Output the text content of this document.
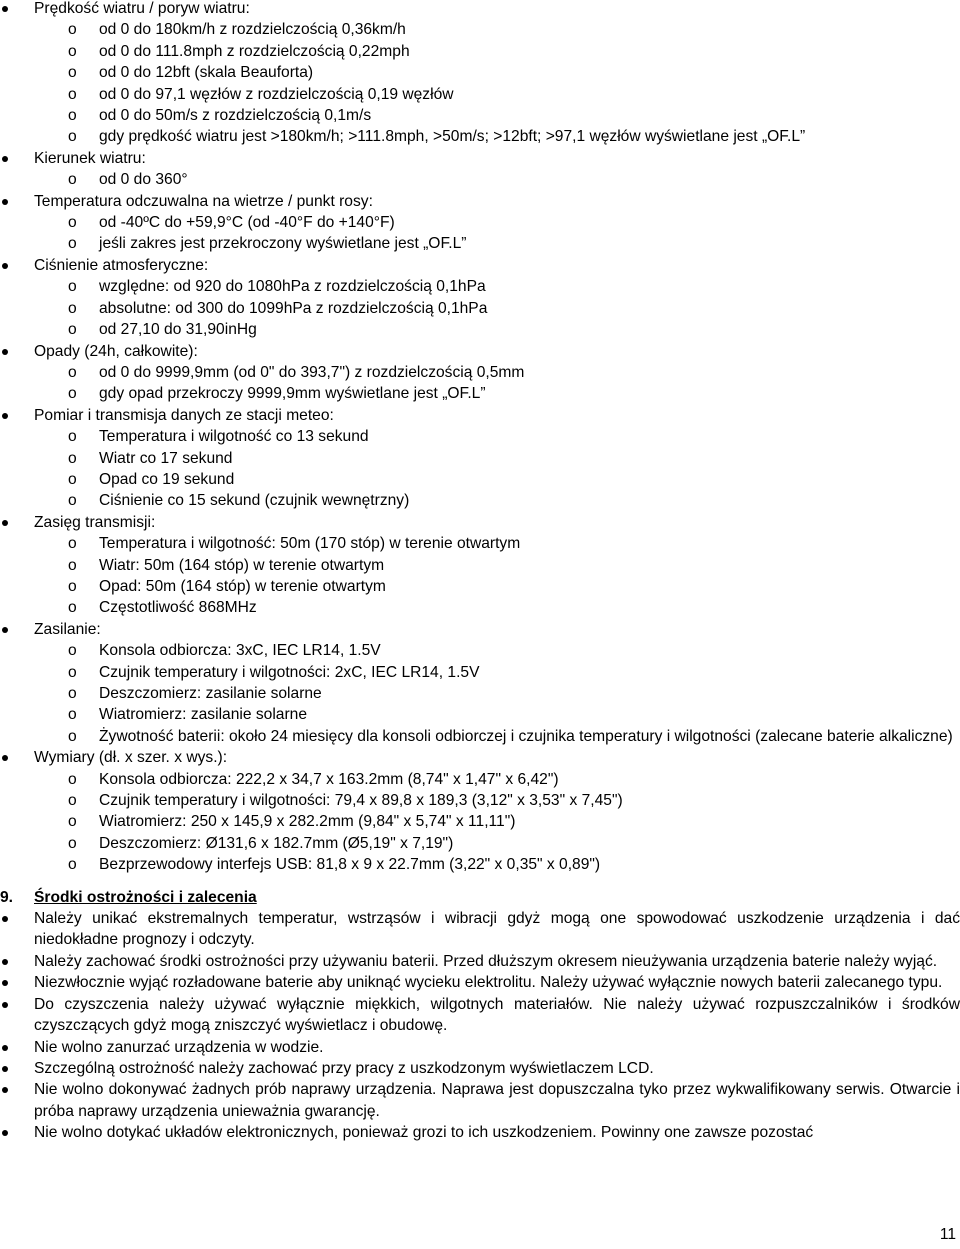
Prędkość wiatru / poryw wiatru:
o od 0 do 180km/h z rozdzielczością 0,36km/h
o od 0 do 111.8mph z rozdzielczością 0,22mph
o od 0 do 12bft (skala Beauforta)
o od 0 do 97,1 węzłów z rozdzielczością 0,19 węzłów
o od 0 do 50m/s z rozdzielczością 0,1m/s
o gdy prędkość wiatru jest >180km/h; >111.8mph, >50m/s; >12bft; >97,1 węzłów wyświetlane jest „OF.L”
Kierunek wiatru:
o od 0 do 360°
Temperatura odczuwalna na wietrze / punkt rosy:
o od -40ºC do +59,9°C (od -40°F do +140°F)
o jeśli zakres jest przekroczony wyświetlane jest „OF.L”
Ciśnienie atmosferyczne:
o względne: od 920 do 1080hPa z rozdzielczością 0,1hPa
o absolutne: od 300 do 1099hPa z rozdzielczością 0,1hPa
o od 27,10 do 31,90inHg
Opady (24h, całkowite):
o od 0 do 9999,9mm (od 0" do 393,7") z rozdzielczością 0,5mm
o gdy opad przekroczy 9999,9mm wyświetlane jest „OF.L”
Pomiar i transmisja danych ze stacji meteo:
o Temperatura i wilgotność co 13 sekund
o Wiatr co 17 sekund
o Opad co 19 sekund
o Ciśnienie co 15 sekund (czujnik wewnętrzny)
Zasięg transmisji:
o Temperatura i wilgotność: 50m (170 stóp) w terenie otwartym
o Wiatr: 50m (164 stóp) w terenie otwartym
o Opad: 50m (164 stóp) w terenie otwartym
o Częstotliwość 868MHz
Zasilanie:
o Konsola odbiorcza: 3xC, IEC LR14, 1.5V
o Czujnik temperatury i wilgotności: 2xC, IEC LR14, 1.5V
o Deszczomierz: zasilanie solarne
o Wiatromierz: zasilanie solarne
o Żywotność baterii: około 24 miesięcy dla konsoli odbiorczej i czujnika temperatury i wilgotności (zalecane baterie alkaliczne)
Wymiary (dł. x szer. x wys.):
o Konsola odbiorcza: 222,2 x 34,7 x 163.2mm (8,74" x 1,47" x 6,42")
o Czujnik temperatury i wilgotności: 79,4 x 89,8 x 189,3 (3,12" x 3,53" x 7,45")
o Wiatromierz: 250 x 145,9 x 282.2mm (9,84" x 5,74" x 11,11")
o Deszczomierz: Ø131,6 x 182.7mm (Ø5,19" x 7,19")
o Bezprzewodowy interfejs USB: 81,8 x 9 x 22.7mm (3,22" x 0,35" x 0,89")
9. Środki ostrożności i zalecenia
Należy unikać ekstremalnych temperatur, wstrząsów i wibracji gdyż mogą one spowodować uszkodzenie urządzenia i dać niedokładne prognozy i odczyty.
Należy zachować środki ostrożności przy używaniu baterii. Przed dłuższym okresem nieużywania urządzenia baterie należy wyjąć.
Niezwłocznie wyjąć rozładowane baterie aby uniknąć wycieku elektrolitu. Należy używać wyłącznie nowych baterii zalecanego typu.
Do czyszczenia należy używać wyłącznie miękkich, wilgotnych materiałów. Nie należy używać rozpuszczalników i środków czyszczących gdyż mogą zniszczyć wyświetlacz i obudowę.
Nie wolno zanurzać urządzenia w wodzie.
Szczególną ostrożność należy zachować przy pracy z uszkodzonym wyświetlaczem LCD.
Nie wolno dokonywać żadnych prób naprawy urządzenia. Naprawa jest dopuszczalna tyko przez wykwalifikowany serwis. Otwarcie i próba naprawy urządzenia unieważnia gwarancję.
Nie wolno dotykać układów elektronicznych, ponieważ grozi to ich uszkodzeniem. Powinny one zawsze pozostać
11
